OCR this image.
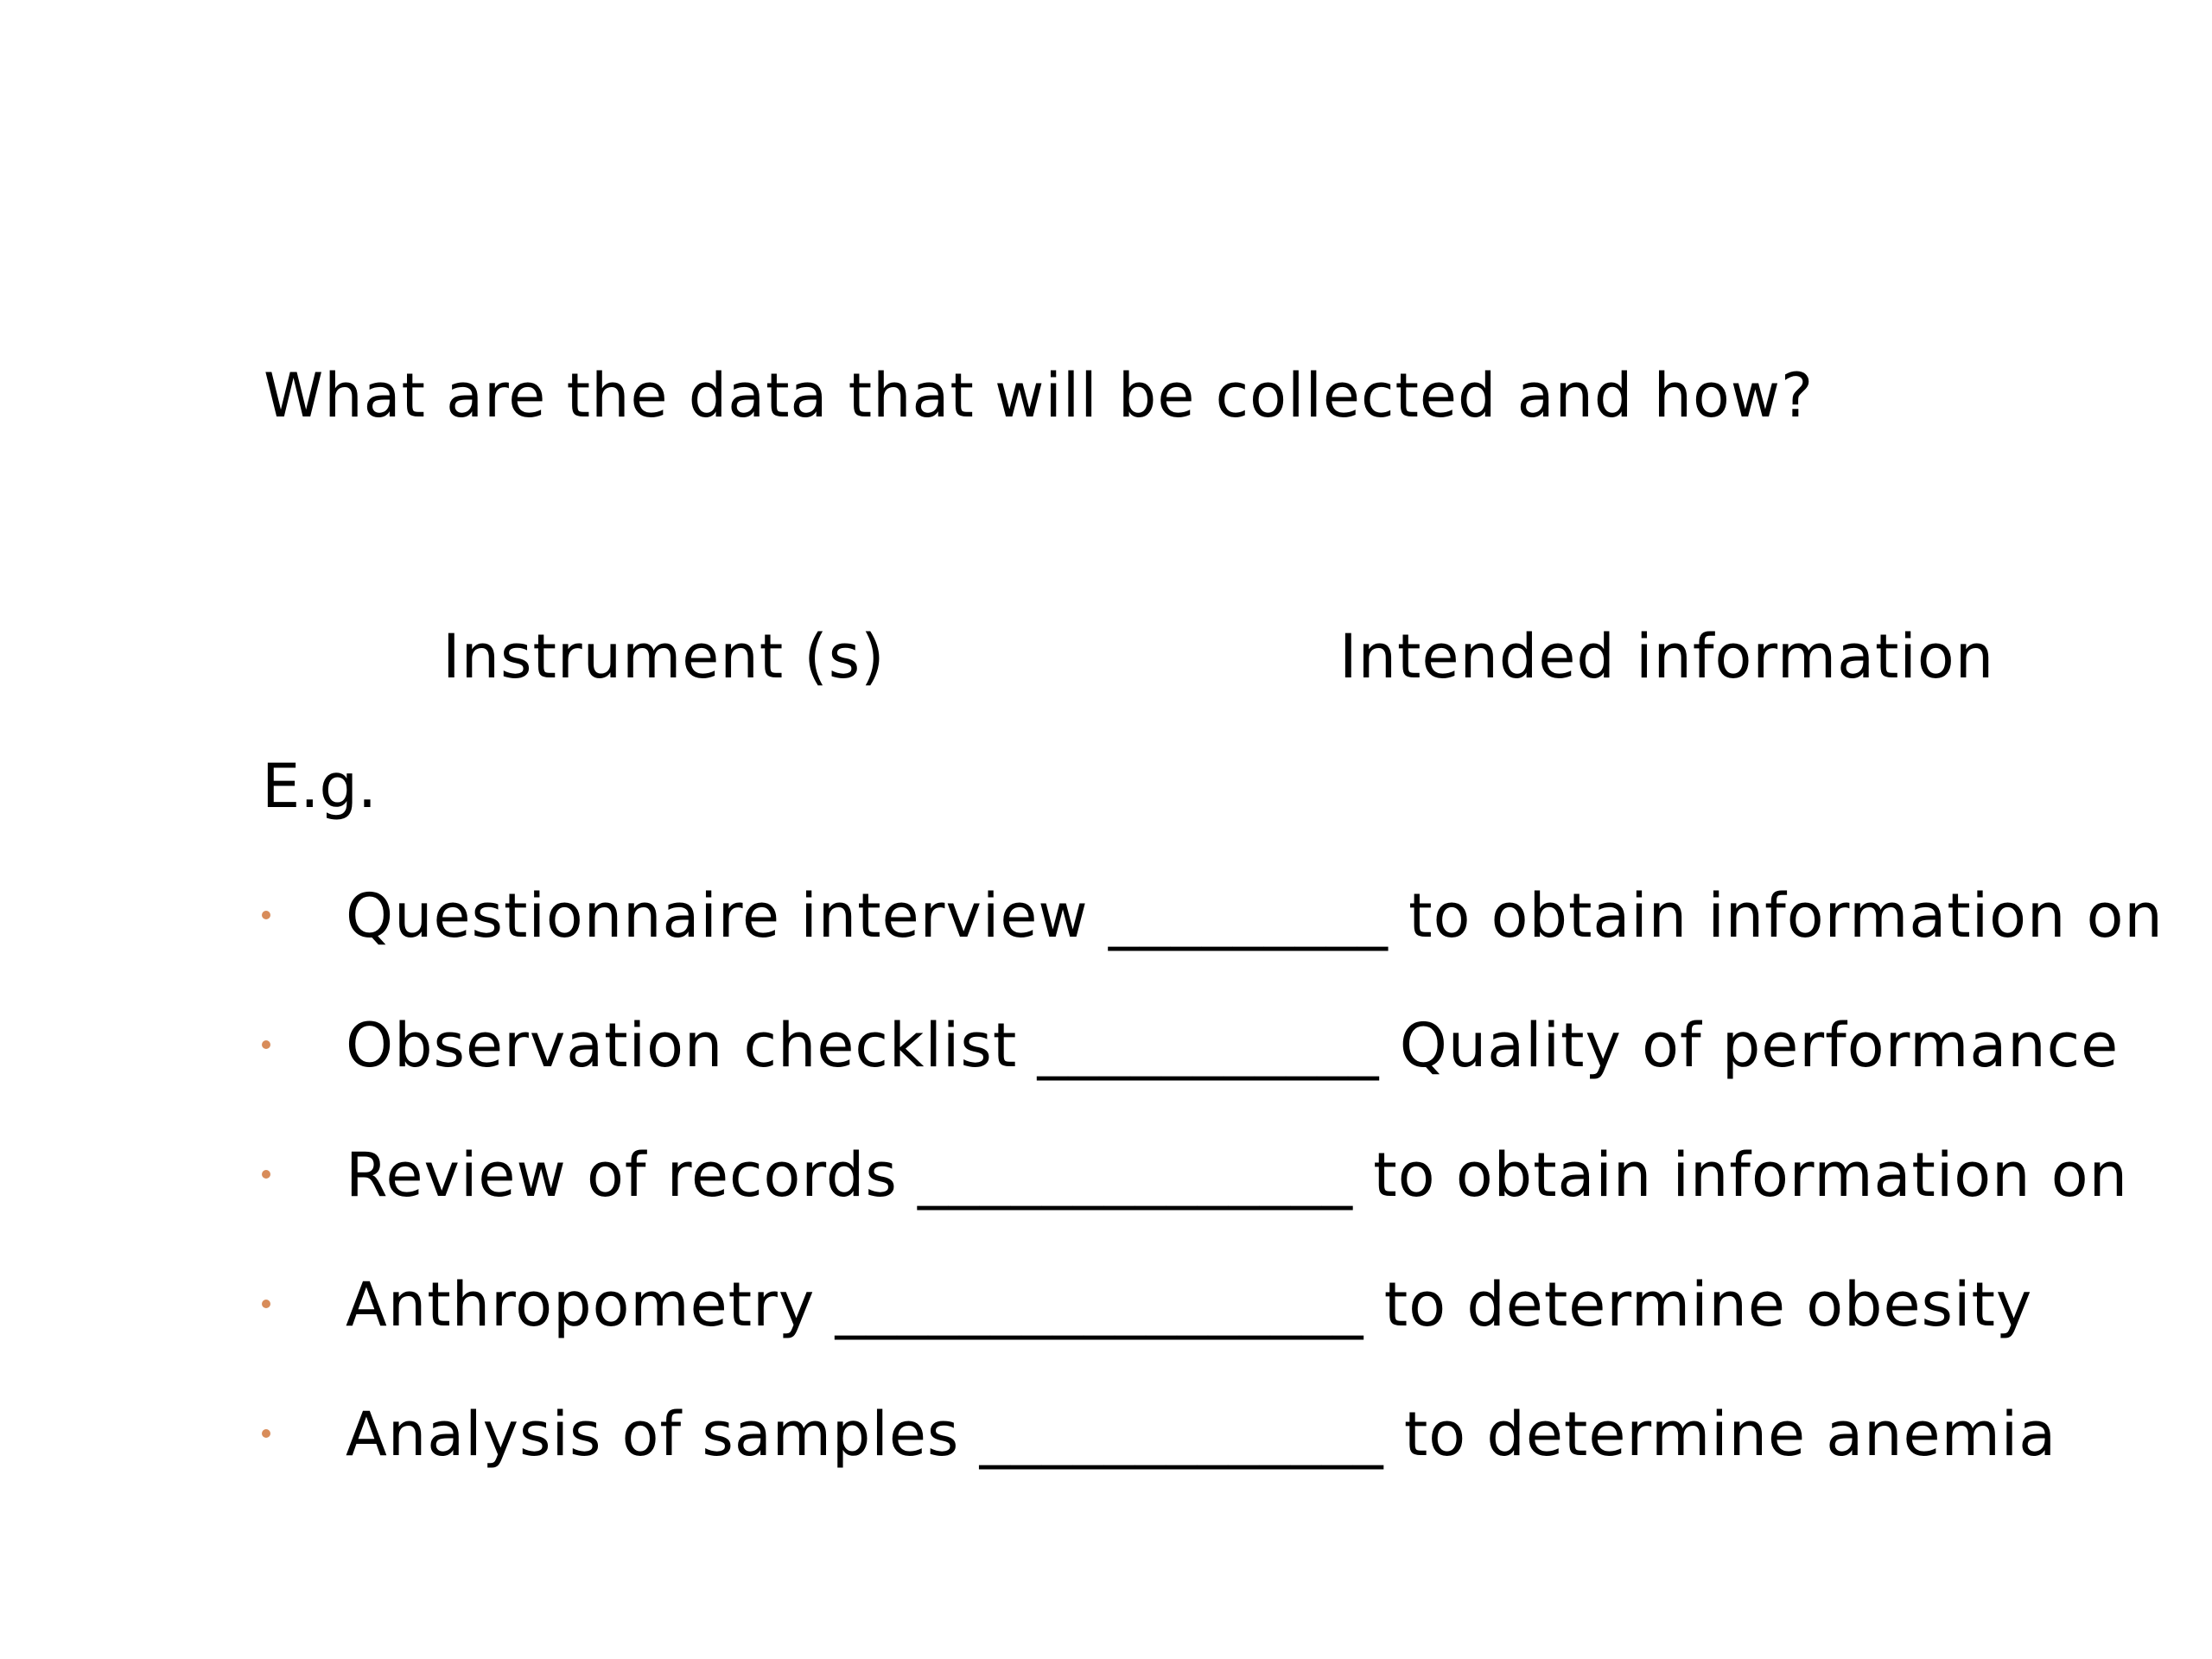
What are the data that will be collected and how?
Instrument (s)	Intended information
E.g.
Questionnaire interview _________ to obtain information on
Observation checklist ___________ Quality of performance
Review of records ______________ to obtain information on
Anthropometry _________________ to determine obesity
Analysis of samples _____________ to determine anemia
